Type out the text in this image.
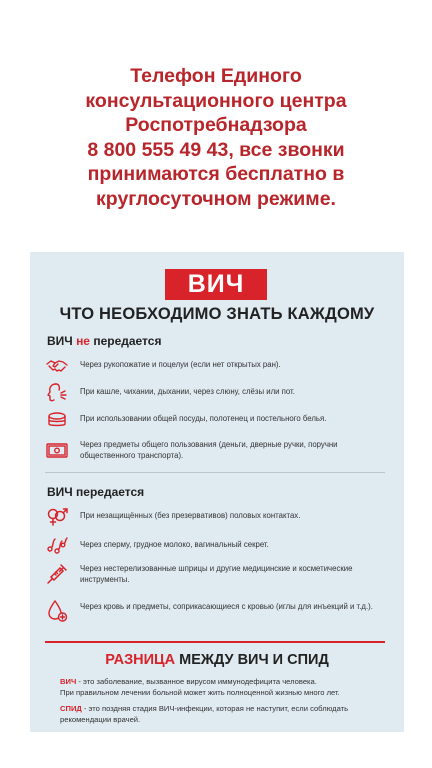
Телефон Единого
консультационного центра
Роспотребнадзора
8 800 555 49 43, все звонки
принимаются бесплатно в
круглосуточном режиме.
ВИЧ
ЧТО НЕОБХОДИМО ЗНАТЬ КАЖДОМУ
ВИЧ не передается
Через рукопожатие и поцелуи (если нет открытых ран).
При кашле, чихании, дыхании, через слюну, слёзы или пот.
При использовании общей посуды, полотенец и постельного белья.
Через предметы общего пользования (деньги, дверные ручки, поручни общественного транспорта).
ВИЧ передается
При незащищённых (без презервативов) половых контактах.
Через сперму, грудное молоко, вагинальный секрет.
Через нестерелизованные шприцы и другие медицинские и косметические инструменты.
Через кровь и предметы, соприкасающиеся с кровью (иглы для инъекций и т.д.).
РАЗНИЦА МЕЖДУ ВИЧ И СПИД

ВИЧ - это заболевание, вызванное вирусом иммунодефицита человека.

При правильном лечении больной может жить полноценной жизнью много лет.

СПИД - это поздняя стадия ВИЧ-инфекции, которая не наступит, если соблюдать рекомендации врачей.
